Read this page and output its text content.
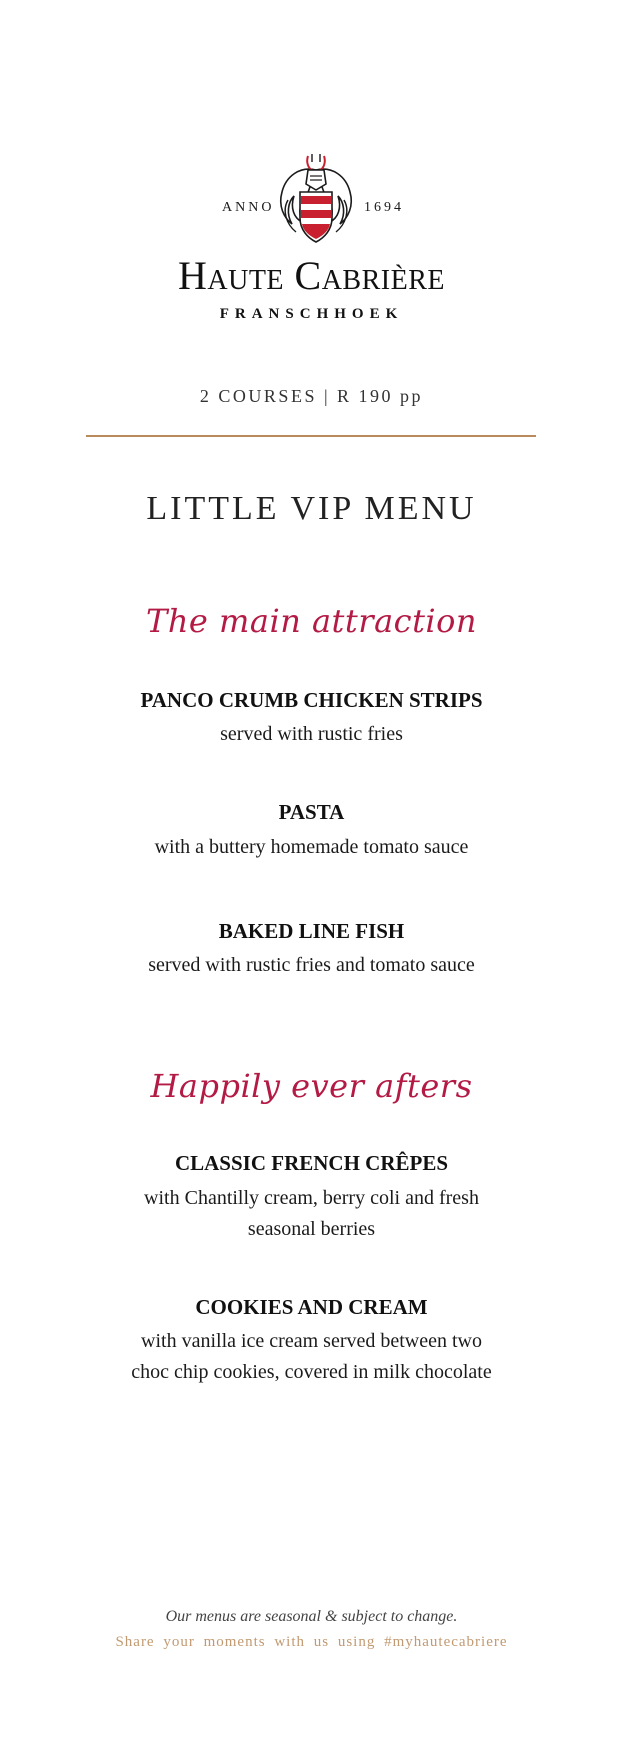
ANNO	1694
Haute Cabrière
FRANSCHHOEK
2 COURSES | R 190 pp
LITTLE VIP MENU
The main attraction
PANCO CRUMB CHICKEN STRIPS
served with rustic fries
PASTA
with a buttery homemade tomato sauce
BAKED LINE FISH
served with rustic fries and tomato sauce
Happily ever afters
CLASSIC FRENCH CRÊPES
with Chantilly cream, berry coli and fresh
seasonal berries
COOKIES AND CREAM
with vanilla ice cream served between two
choc chip cookies, covered in milk chocolate
Our menus are seasonal & subject to change.
Share your moments with us using #myhautecabriere
